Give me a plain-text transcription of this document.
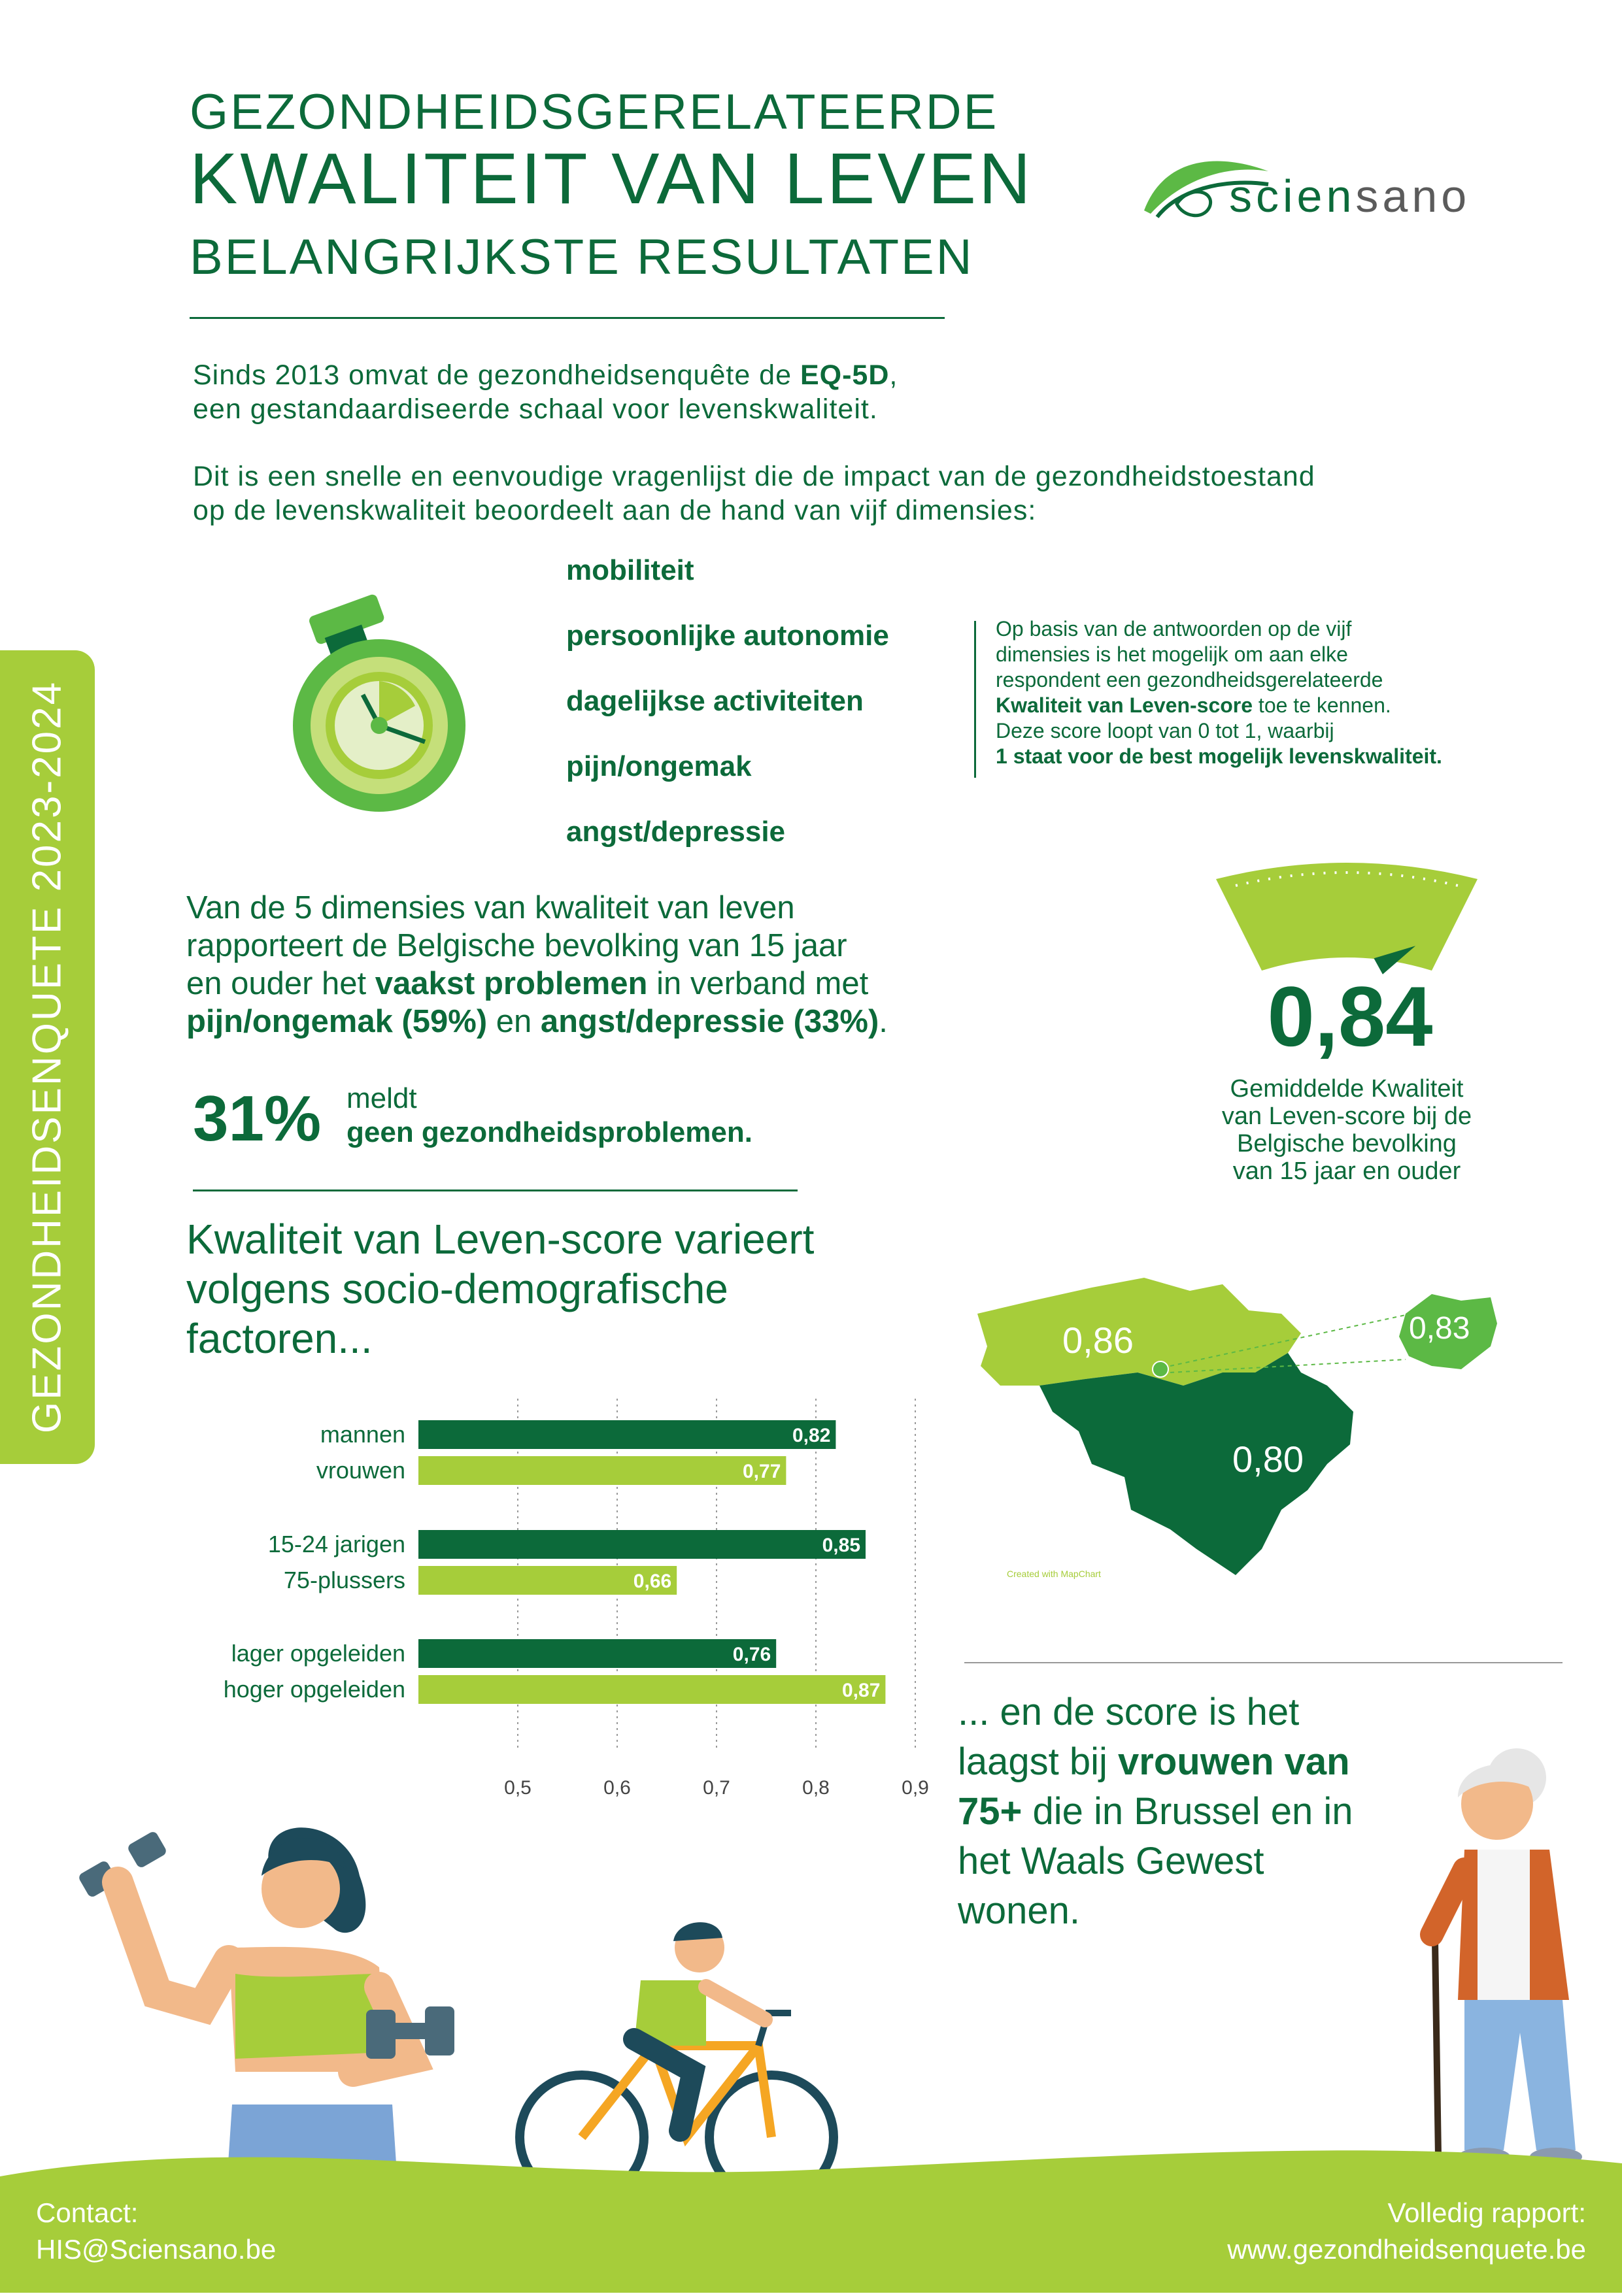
GEZONDHEIDSGERELATEERDE
KWALITEIT VAN LEVEN
BELANGRIJKSTE RESULTATEN
sciensano
GEZONDHEIDSENQUETE 2023-2024
Sinds 2013 omvat de gezondheidsenquête de EQ-5D,
een gestandaardiseerde schaal voor levenskwaliteit.
Dit is een snelle en eenvoudige vragenlijst die de impact van de gezondheidstoestand
op de levenskwaliteit beoordeelt aan de hand van vijf dimensies:
mobiliteit
persoonlijke autonomie
dagelijkse activiteiten
pijn/ongemak
angst/depressie
Op basis van de antwoorden op de vijf
dimensies is het mogelijk om aan elke
respondent een gezondheidsgerelateerde
Kwaliteit van Leven-score toe te kennen.
Deze score loopt van 0 tot 1, waarbij
1 staat voor de best mogelijk levenskwaliteit.
Van de 5 dimensies van kwaliteit van leven
rapporteert de Belgische bevolking van 15 jaar
en ouder het vaakst problemen in verband met
pijn/ongemak (59%) en angst/depressie (33%).
31% meldt
geen gezondheidsproblemen.
0,84
Gemiddelde Kwaliteit
van Leven-score bij de
Belgische bevolking
van 15 jaar en ouder
Kwaliteit van Leven-score varieert
volgens socio-demografische
factoren...	0,86
0,80
0,83
Created with MapChart
0,5	0,6	0,7	0,8	0,9
0,82
mannen
0,77
vrouwen
0,85
15-24 jarigen
0,66
75-plussers
0,76
lager opgeleiden
0,87
hoger opgeleiden
... en de score is het
laagst bij vrouwen van
75+ die in Brussel en in
het Waals Gewest
wonen.
Contact:
HIS@Sciensano.be
Volledig rapport:
www.gezondheidsenquete.be
